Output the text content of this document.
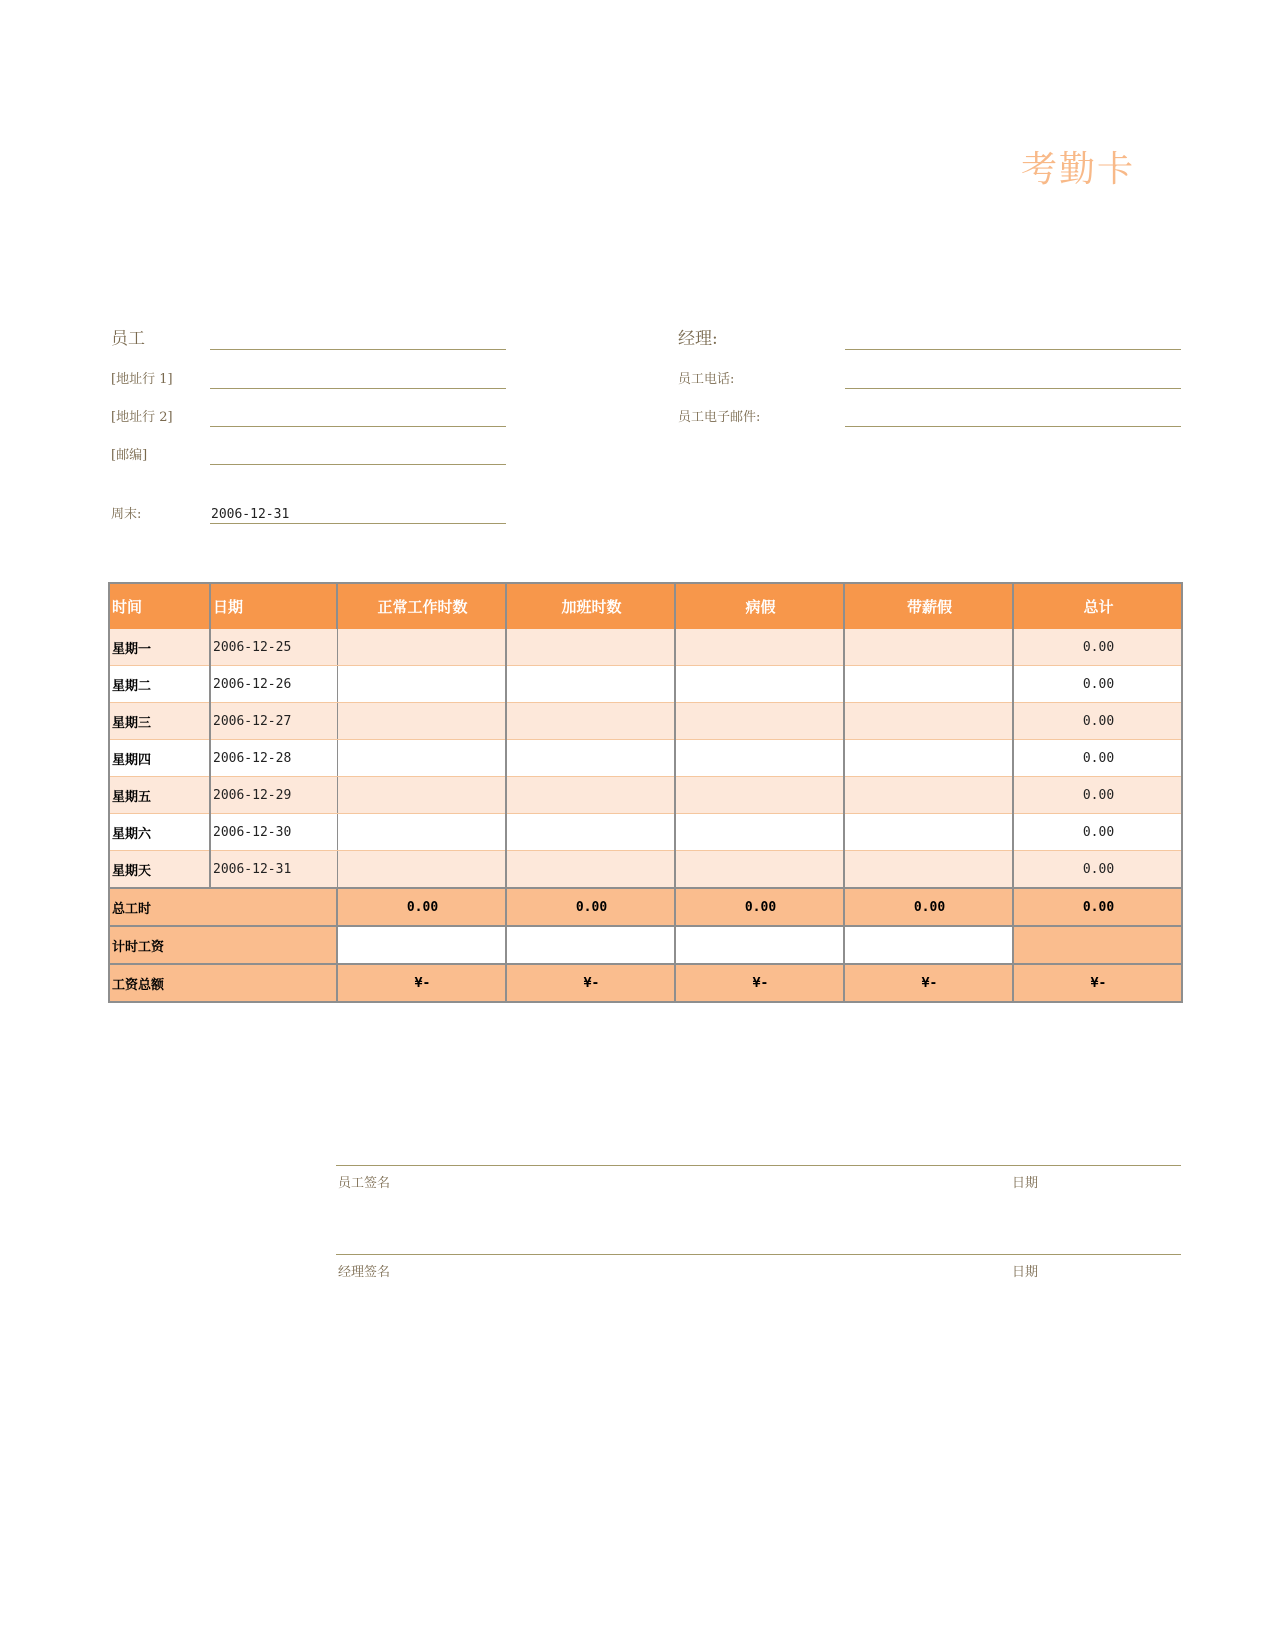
考勤卡
员工
[地址行 1]
[地址行 2]
[邮编]
周末:	2006-12-31
经理:
员工电话:
员工电子邮件:
时间	日期	正常工作时数	加班时数	病假	带薪假	总计
星期一	2006-12-25					0.00
星期二	2006-12-26					0.00
星期三	2006-12-27					0.00
星期四	2006-12-28					0.00
星期五	2006-12-29					0.00
星期六	2006-12-30					0.00
星期天	2006-12-31					0.00
总工时		0.00	0.00	0.00	0.00	0.00
计时工资						
工资总额		¥-	¥-	¥-	¥-	¥-
员工签名	日期
经理签名	日期
